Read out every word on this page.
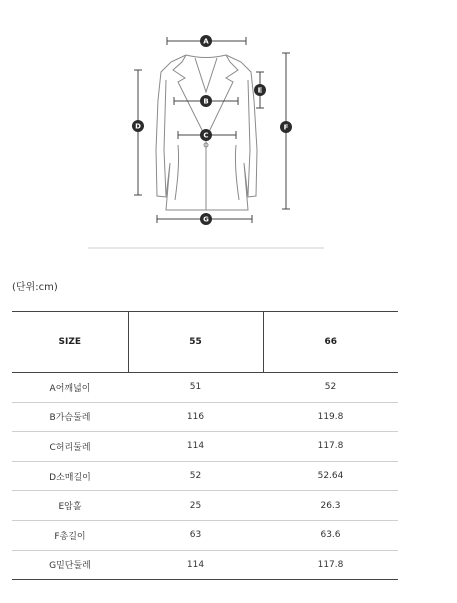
A
B
C
D
E
F
G
(단위:cm)
SIZE	55	66
A어깨넓이	51	52
B가슴둘레	116	119.8
C허리둘레	114	117.8
D소매길이	52	52.64
E암홀	25	26.3
F총길이	63	63.6
G밑단둘레	114	117.8
